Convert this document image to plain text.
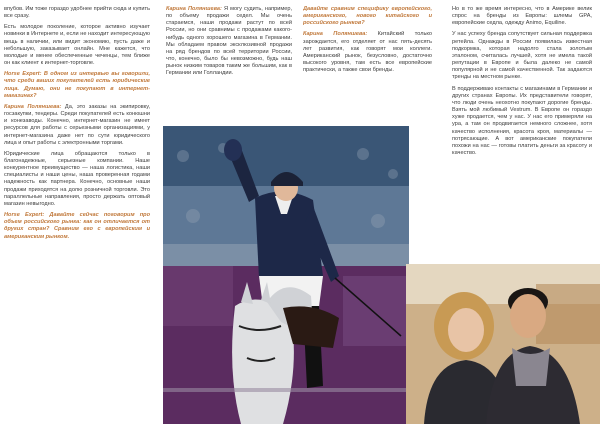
впубов. Им тоже гораздо удобнее прийти сюда и купить все сразу.

Есть молодое поколение, которое активно изучает новинки в Интернете и, если не находит интересующую вещь в наличии, или видит экономию, пусть даже и небольшую, заказывает онлайн. Мне кажется, что молодые и менее обеспеченные чеченцы, тем ближе он как клиент к интернет-торговле.

Horse Expert: В одном из интервью вы говорили, что среди ваших покупателей есть юридические лица. Думаю, они не покупают в интернет-магазинах?

Карина Поляншева: Да, это заказы на экипировку, госзакупки, тендеры. Среди покупателей есть конюшни и конезаводы. Конечно, интернет-магазин не имеет ресурсов для работы с серьезными организациями, у интернет-магазина даже нет по сути юридического лица и опыт работы с электронными торгами.

Юридические лица обращаются только в благонадежные, серьезные компании. Наше конкурентное преимущество — наша логистика, наши специалисты и наши цены, наша проверенная годами надежность как партнера. Конечно, основные наши продажи приходятся на долю розничной торговли. Это параллельные направления, просто держать оптовый магазин невыгодно.

Horse Expert: Давайте сейчас поговорим про объем российского рынка: как он отличается от других стран? Сравним его с европейским и американским рынком.

Карина Поляншева: Я могу судить, например, по объему продажи седел. Мы очень стараемся, наши продажи растут по всей России, но они сравнимы с продажами какого-нибудь одного хорошего магазина в Германии. Мы обладаем правом эксклюзивной продажи на ряд брендов по всей территории России, что, конечно, было бы невозможно, будь наш рынок низким товаров таким же большим, как в Германии или Голландии.

Давайте сравним специфику европейского, американского, нового китайского и российского рынков?

Карина Поляншева: Китайский только зарождается, его отделяет от нас пять-десять лет развития, как говорят мои коллеги. Американский рынок, безусловно, достаточно высокого уровня, там есть все европейские практически, а также свои бренды.

Но в то же время интересно, что в Америке велик спрос на бренды из Европы: шлемы GPA, европейские седла, одежду Animo, Equiline.

У нас успеху бренда сопутствует сильная поддержка ретейла. Однажды в России появилась известная подкормка, которая надолго стала золотым эталоном, считалась лучшей, хотя не имела такой репутации в Европе и была далеко не самой популярной и не самой качественной. Так задаются тренды на местном рынке.

В поддерживаю контакты с магазинами в Германии и других странах Европы. Их представители говорят, что люди очень неохотно покупают дорогие бренды. Взять мой любимый Vestrum. В Европе он гораздо хуже продается, чем у нас. У нас его примеряли на ура, а там он продвигается немного сложнее, хотя качество исполнения, красота кроя, материалы — потрясающие. А вот американские покупатели похожи на нас — готовы платить деньги за красоту и качество.
